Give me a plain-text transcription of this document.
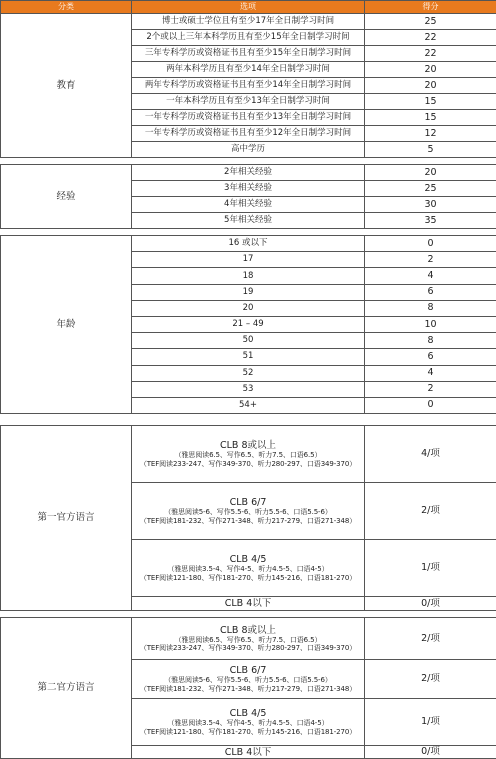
分类	选项	得分
教育	博士或硕士学位且有至少17年全日制学习时间	25
	2个或以上三年本科学历且有至少15年全日制学习时间	22
	三年专科学历或资格证书且有至少15年全日制学习时间	22
	两年本科学历且有至少14年全日制学习时间	20
	两年专科学历或资格证书且有至少14年全日制学习时间	20
	一年本科学历且有至少13年全日制学习时间	15
	一年专科学历或资格证书且有至少13年全日制学习时间	15
	一年专科学历或资格证书且有至少12年全日制学习时间	12
	高中学历	5

经验	2年相关经验	20
	3年相关经验	25
	4年相关经验	30
	5年相关经验	35

年龄	16 或以下	0
	17	2
	18	4
	19	6
	20	8
	21 – 49	10
	50	8
	51	6
	52	4
	53	2
	54+	0

第一官方语言	CLB 8或以上
（雅思阅读6.5、写作6.5、听力7.5、口语6.5）
（TEF阅读233-247、写作349-370、听力280-297、口语349-370）	4/项

	CLB 6/7
（雅思阅读5-6、写作5.5-6、听力5.5-6、口语5.5-6）
（TEF阅读181-232、写作271-348、听力217-279、口语271-348）	2/项

	CLB 4/5
（雅思阅读3.5-4、写作4-5、听力4.5-5、口语4-5）
（TEF阅读121-180、写作181-270、听力145-216、口语181-270）	1/项

	CLB 4以下	0/项

第二官方语言	CLB 8或以上
（雅思阅读6.5、写作6.5、听力7.5、口语6.5）
（TEF阅读233-247、写作349-370、听力280-297、口语349-370）	2/项

	CLB 6/7
（雅思阅读5-6、写作5.5-6、听力5.5-6、口语5.5-6）
（TEF阅读181-232、写作271-348、听力217-279、口语271-348）	2/项

	CLB 4/5
（雅思阅读3.5-4、写作4-5、听力4.5-5、口语4-5）
（TEF阅读121-180、写作181-270、听力145-216、口语181-270）	1/项

	CLB 4以下	0/项
